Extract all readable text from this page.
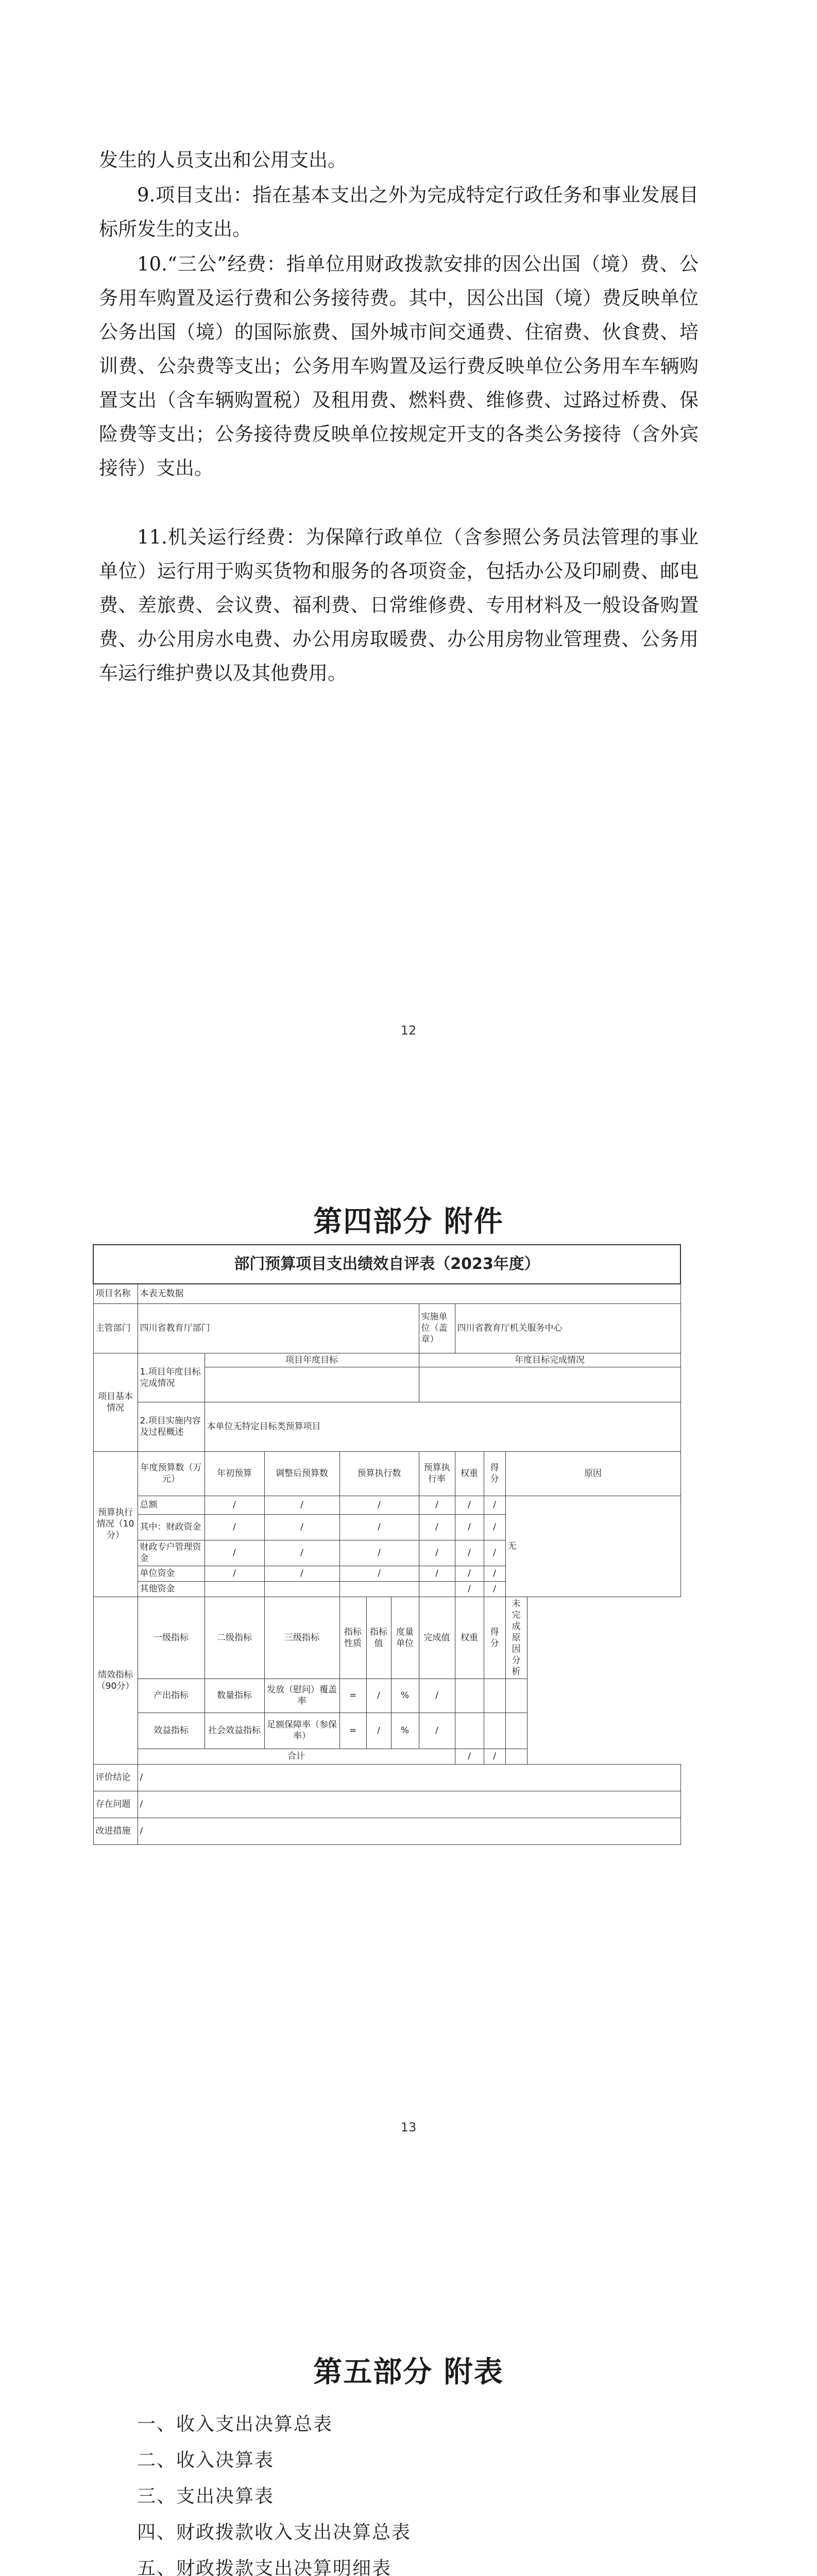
发生的人员支出和公用支出。

9.项目支出：指在基本支出之外为完成特定行政任务和事业发展目标所发生的支出。

10.“三公”经费：指单位用财政拨款安排的因公出国（境）费、公务用车购置及运行费和公务接待费。其中，因公出国（境）费反映单位公务出国（境）的国际旅费、国外城市间交通费、住宿费、伙食费、培训费、公杂费等支出；公务用车购置及运行费反映单位公务用车车辆购置支出（含车辆购置税）及租用费、燃料费、维修费、过路过桥费、保险费等支出；公务接待费反映单位按规定开支的各类公务接待（含外宾接待）支出。

11.机关运行经费：为保障行政单位（含参照公务员法管理的事业单位）运行用于购买货物和服务的各项资金，包括办公及印刷费、邮电费、差旅费、会议费、福利费、日常维修费、专用材料及一般设备购置费、办公用房水电费、办公用房取暖费、办公用房物业管理费、公务用车运行维护费以及其他费用。

12
第四部分 附件
部门预算项目支出绩效自评表（2023年度）										
项目名称	本表无数据									
主管部门	四川省教育厅部门						实施单位（盖章）	四川省教育厅机关服务中心		
项目基本情况	1.项目年度目标完成情况	项目年度目标					年度目标完成情况			

	2.项目实施内容及过程概述	本单位无特定目标类预算项目								
预算执行情况（10分）	年度预算数（万元）	年初预算	调整后预算数	预算执行数			预算执行率	权重	得分	原因
	总额	/	/	/			/	/	/	无
	其中：财政资金	/	/	/			/	/	/	
	财政专户管理资金	/	/	/			/	/	/	
	单位资金	/	/	/			/	/	/	
	其他资金							/	/	
绩效指标（90分）	一级指标	二级指标	三级指标	指标性质	指标值	度量单位	完成值	权重	得分	未完成原因分析
	产出指标	数量指标	发放（慰问）覆盖率	=	/	%	/			
	效益指标	社会效益指标	足额保障率（参保率）	=	/	%	/			
	合计							/	/	
评价结论	/									
存在问题	/									
改进措施	/									
13
第五部分 附表
一、收入支出决算总表
二、收入决算表
三、支出决算表
四、财政拨款收入支出决算总表
五、财政拨款支出决算明细表
